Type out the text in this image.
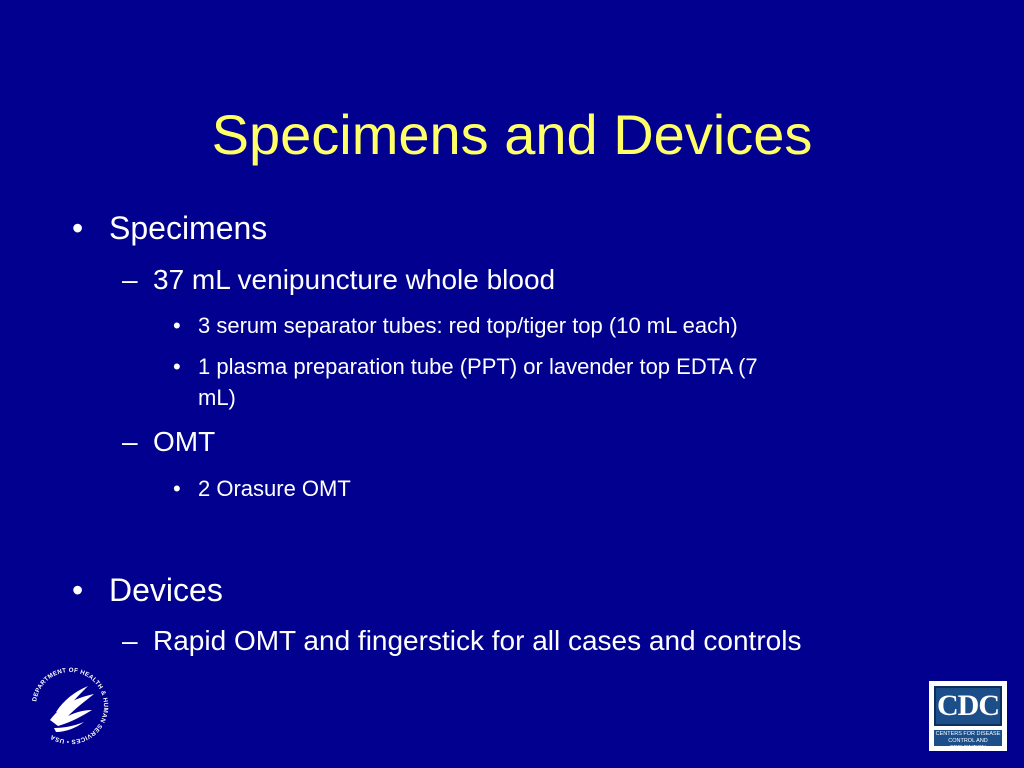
Specimens and Devices
• Specimens
– 37 mL venipuncture whole blood
• 3 serum separator tubes: red top/tiger top (10 mL each)
• 1 plasma preparation tube (PPT) or lavender top EDTA (7
mL)
– OMT
• 2 Orasure OMT
• Devices
– Rapid OMT and fingerstick for all cases and controls
DEPARTMENT OF HEALTH & HUMAN SERVICES • USA
CDC
CENTERS FOR DISEASE
CONTROL AND PREVENTION
